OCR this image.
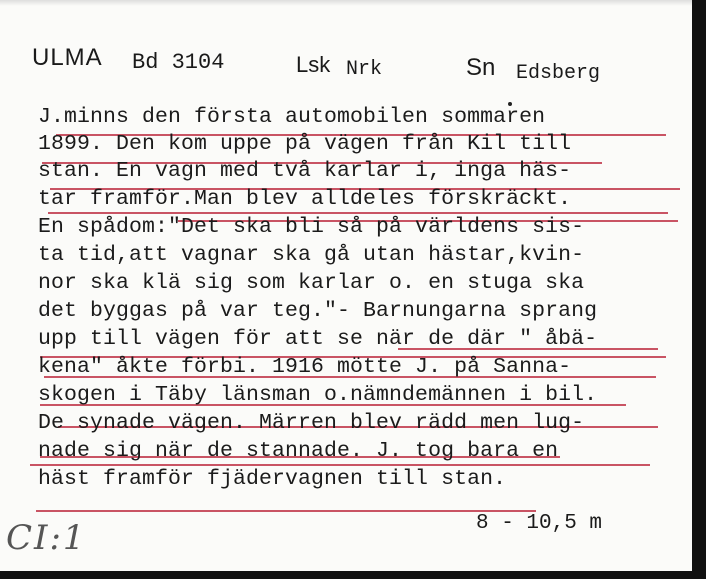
ULMA Bd 3104	Lsk Nrk	Sn Edsberg
J.minns den första automobilen sommaren
1899. Den kom uppe på vägen från Kil till
stan. En vagn med två karlar i, inga häs-
tar framför.Man blev alldeles förskräckt.
En spådom:"Det ska bli så på världens sis-
ta tid,att vagnar ska gå utan hästar,kvin-
nor ska klä sig som karlar o. en stuga ska
det byggas på var teg."- Barnungarna sprang
upp till vägen för att se när de där " åbä-
kena" åkte förbi. 1916 mötte J. på Sanna-
skogen i Täby länsman o.nämndemännen i bil.
De synade vägen. Märren blev rädd men lug-
nade sig när de stannade. J. tog bara en
häst framför fjädervagnen till stan.
8 - 10,5 m
CI:1
